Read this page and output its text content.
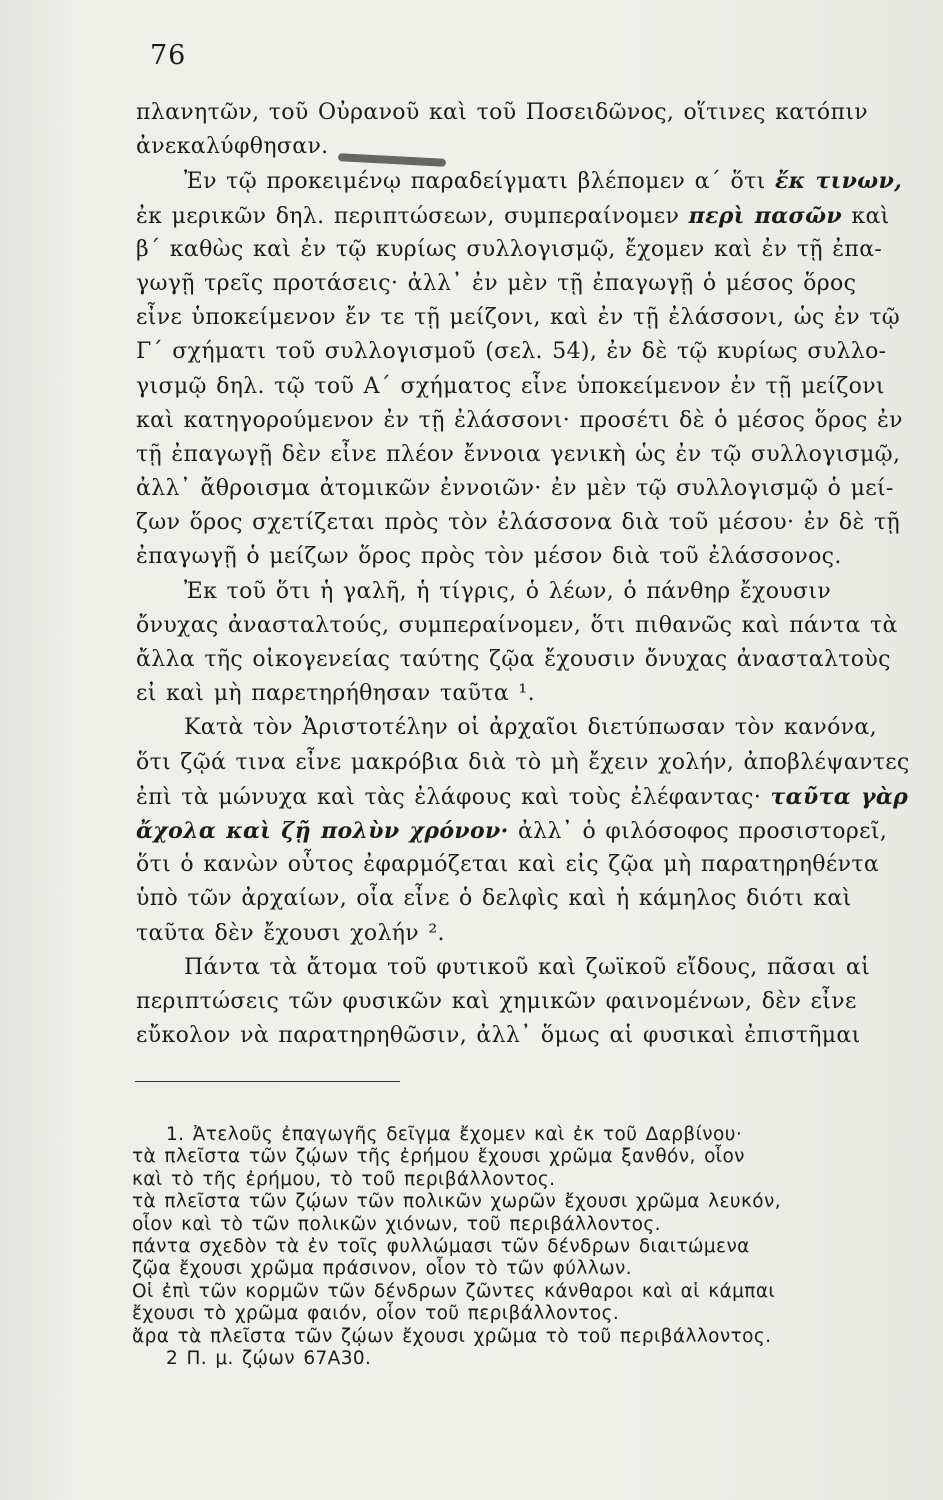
76
πλανητῶν, τοῦ Οὐρανοῦ καὶ τοῦ Ποσειδῶνος, οἵτινες κατόπιν
ἀνεκαλύφθησαν.
Ἐν τῷ προκειμένῳ παραδείγματι βλέπομεν α΄ ὅτι ἔκ τινων,
ἐκ μερικῶν δηλ. περιπτώσεων, συμπεραίνομεν περὶ πασῶν καὶ
β΄ καθὼς καὶ ἐν τῷ κυρίως συλλογισμῷ, ἔχομεν καὶ ἐν τῇ ἐπα-
γωγῇ τρεῖς προτάσεις· ἀλλ᾽ ἐν μὲν τῇ ἐπαγωγῇ ὁ μέσος ὅρος
εἶνε ὑποκείμενον ἔν τε τῇ μείζονι, καὶ ἐν τῇ ἐλάσσονι, ὡς ἐν τῷ
Γ΄ σχήματι τοῦ συλλογισμοῦ (σελ. 54), ἐν δὲ τῷ κυρίως συλλο-
γισμῷ δηλ. τῷ τοῦ Α΄ σχήματος εἶνε ὑποκείμενον ἐν τῇ μείζονι
καὶ κατηγορούμενον ἐν τῇ ἐλάσσονι· προσέτι δὲ ὁ μέσος ὅρος ἐν
τῇ ἐπαγωγῇ δὲν εἶνε πλέον ἔννοια γενικὴ ὡς ἐν τῷ συλλογισμῷ,
ἀλλ᾽ ἄθροισμα ἀτομικῶν ἐννοιῶν· ἐν μὲν τῷ συλλογισμῷ ὁ μεί-
ζων ὅρος σχετίζεται πρὸς τὸν ἐλάσσονα διὰ τοῦ μέσου· ἐν δὲ τῇ
ἐπαγωγῇ ὁ μείζων ὅρος πρὸς τὸν μέσον διὰ τοῦ ἐλάσσονος.
Ἐκ τοῦ ὅτι ἡ γαλῆ, ἡ τίγρις, ὁ λέων, ὁ πάνθηρ ἔχουσιν
ὄνυχας ἀνασταλτούς, συμπεραίνομεν, ὅτι πιθανῶς καὶ πάντα τὰ
ἄλλα τῆς οἰκογενείας ταύτης ζῷα ἔχουσιν ὄνυχας ἀνασταλτοὺς
εἰ καὶ μὴ παρετηρήθησαν ταῦτα ¹.
Κατὰ τὸν Ἀριστοτέλην οἱ ἀρχαῖοι διετύπωσαν τὸν κανόνα,
ὅτι ζῷά τινα εἶνε μακρόβια διὰ τὸ μὴ ἔχειν χολήν, ἀποβλέψαντες
ἐπὶ τὰ μώνυχα καὶ τὰς ἐλάφους καὶ τοὺς ἐλέφαντας· ταῦτα γὰρ
ἄχολα καὶ ζῇ πολὺν χρόνον· ἀλλ᾽ ὁ φιλόσοφος προσιστορεῖ,
ὅτι ὁ κανὼν οὗτος ἐφαρμόζεται καὶ εἰς ζῷα μὴ παρατηρηθέντα
ὑπὸ τῶν ἀρχαίων, οἷα εἶνε ὁ δελφὶς καὶ ἡ κάμηλος διότι καὶ
ταῦτα δὲν ἔχουσι χολήν ².
Πάντα τὰ ἄτομα τοῦ φυτικοῦ καὶ ζωϊκοῦ εἴδους, πᾶσαι αἱ
περιπτώσεις τῶν φυσικῶν καὶ χημικῶν φαινομένων, δὲν εἶνε
εὔκολον νὰ παρατηρηθῶσιν, ἀλλ᾽ ὅμως αἱ φυσικαὶ ἐπιστῆμαι
1. Ἀτελοῦς ἐπαγωγῆς δεῖγμα ἔχομεν καὶ ἐκ τοῦ Δαρβίνου·
τὰ πλεῖστα τῶν ζῴων τῆς ἐρήμου ἔχουσι χρῶμα ξανθόν, οἷον
καὶ τὸ τῆς ἐρήμου, τὸ τοῦ περιβάλλοντος.
τὰ πλεῖστα τῶν ζῴων τῶν πολικῶν χωρῶν ἔχουσι χρῶμα λευκόν,
οἷον καὶ τὸ τῶν πολικῶν χιόνων, τοῦ περιβάλλοντος.
πάντα σχεδὸν τὰ ἐν τοῖς φυλλώμασι τῶν δένδρων διαιτώμενα
ζῷα ἔχουσι χρῶμα πράσινον, οἷον τὸ τῶν φύλλων.
Οἱ ἐπὶ τῶν κορμῶν τῶν δένδρων ζῶντες κάνθαροι καὶ αἱ κάμπαι
ἔχουσι τὸ χρῶμα φαιόν, οἷον τοῦ περιβάλλοντος.
ἄρα τὰ πλεῖστα τῶν ζῴων ἔχουσι χρῶμα τὸ τοῦ περιβάλλοντος.
2 Π. μ. ζῴων 67Α30.
